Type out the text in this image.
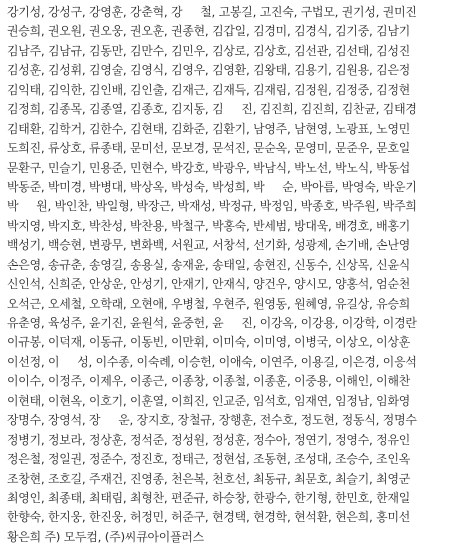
강기성, 강성구, 강영훈, 강춘혁, 강     철, 고봉길, 고진숙, 구법모, 권기성, 권미진
권승희, 권오원, 권오웅, 권오훈, 권종현, 김갑일, 김경미, 김경식, 김기중, 김남기
김남주, 김남규, 김동만, 김만수, 김민우, 김상로, 김상호, 김선관, 김선태, 김성진
김성훈, 김성휘, 김영술, 김영식, 김영우, 김영환, 김왕태, 김용기, 김원용, 김은정
김익태, 김익한, 김인배, 김인출, 김재근, 김재득, 김재림, 김정원, 김정중, 김정현
김정희, 김종목, 김종열, 김종호, 김지동, 김     진, 김진희, 김진희, 김찬균, 김태경
김태환, 김학거, 김한수, 김현태, 김화준, 김환기, 남영주, 남현영, 노광표, 노영민
도희진, 류상호, 류종태, 문미선, 문보경, 문석진, 문순옥, 문영미, 문준우, 문호일
문환구, 민슬기, 민용준, 민현수, 박강호, 박광우, 박남식, 박노선, 박노식, 박동섭
박동준, 박미경, 박병대, 박상옥, 박성숙, 박성희, 박     순, 박아름, 박영숙, 박운기
박     원, 박인찬, 박일형, 박장근, 박재성, 박정규, 박정임, 박종호, 박주원, 박주희
박지영, 박지호, 박찬성, 박찬용, 박철구, 박홍숙, 반세범, 방대욱, 배경호, 배홍기
백성기, 백승현, 변광무, 변화백, 서원교, 서창석, 선기화, 성광제, 손기배, 손난영
손은영, 송규춘, 송영길, 송용실, 송재윤, 송태일, 송현진, 신동수, 신상목, 신윤식
신인석, 신희준, 안상운, 안성기, 안재기, 안재식, 양건우, 양시모, 양홍석, 엄순천
오석근, 오세철, 오학래, 오현애, 우병철, 우현주, 원영동, 원혜영, 유길상, 유승희
유춘영, 육성주, 윤기진, 윤원석, 윤중헌, 윤     진, 이강옥, 이강용, 이강학, 이경란
이규봉, 이덕재, 이동규, 이동빈, 이만휘, 이미숙, 이미영, 이병국, 이상오, 이상훈
이선정, 이     성, 이수종, 이숙례, 이승헌, 이애숙, 이연주, 이용길, 이은경, 이응석
이이수, 이정주, 이제우, 이종근, 이종창, 이종철, 이종훈, 이중용, 이해인, 이해찬
이현태, 이현옥, 이호기, 이훈열, 이희진, 인교준, 임석호, 임재연, 임정남, 임화영
장명수, 장영석, 장     운, 장지호, 장철규, 장행훈, 전수호, 정도현, 정동식, 정명수
정병기, 정보라, 정상훈, 정석준, 정성원, 정성훈, 정수아, 정연기, 정영수, 정유인
정은철, 정일권, 정준수, 정진호, 정태근, 정현섭, 조동현, 조성대, 조승수, 조인옥
조창현, 조호길, 주재건, 진영종, 천은복, 천호선, 최동규, 최문호, 최슬기, 최영군
최영인, 최종태, 최태림, 최형찬, 편준규, 하승창, 한광수, 한기형, 한민호, 한재일
한향숙, 한지웅, 한진웅, 허정민, 허준구, 현경택, 현경학, 현석환, 현은희, 홍미선
황은희 주) 모두컴, (주)씨큐아이플러스
